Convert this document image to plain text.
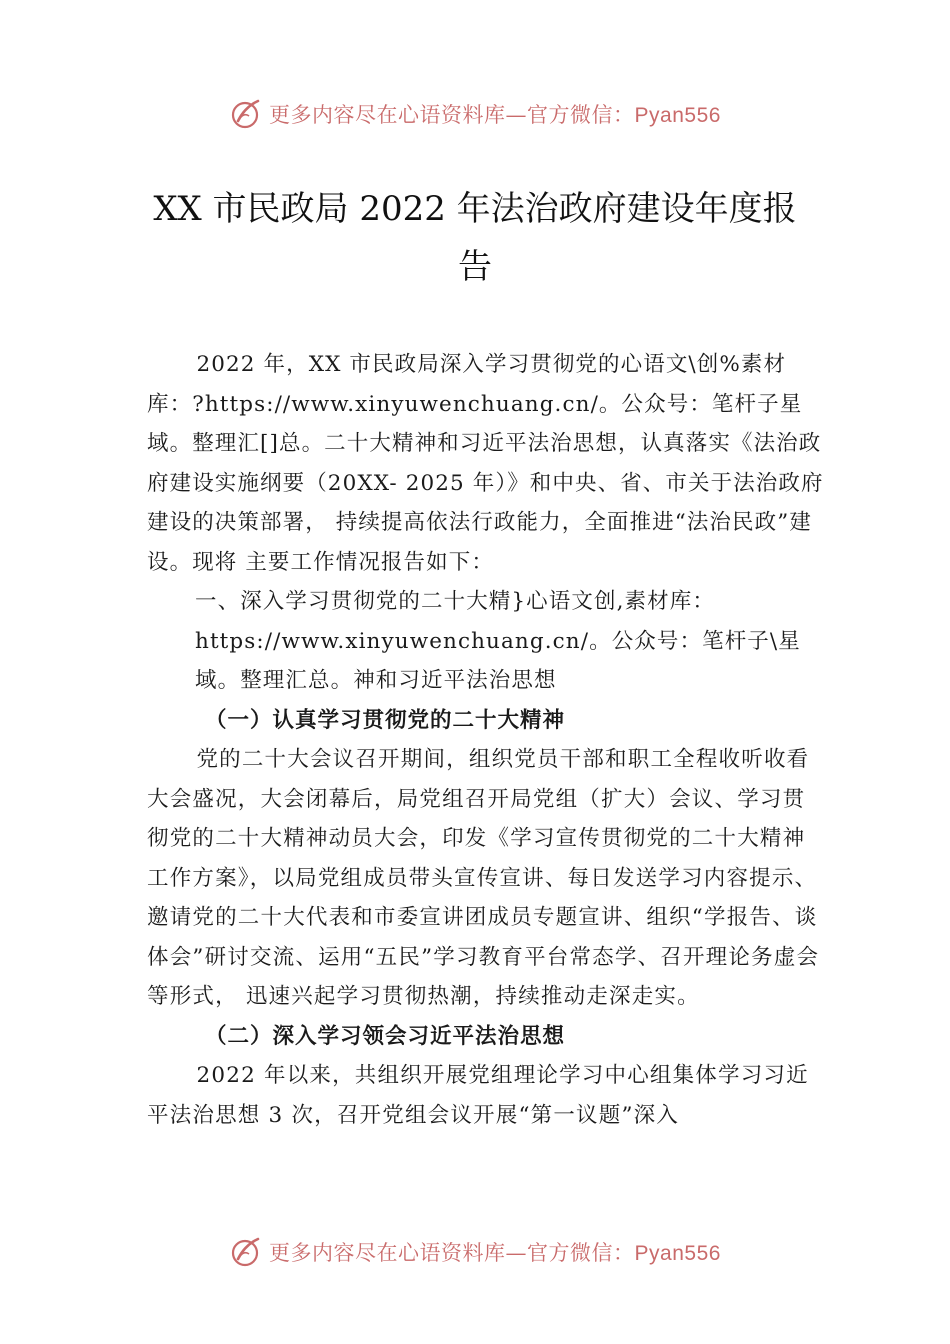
更多内容尽在心语资料库—官方微信：Pyan556
XX 市民政局 2022 年法治政府建设年度报
告

2022 年，XX 市民政局深入学习贯彻党的心语文\创%素材库：?https://www.xinyuwenchuang.cn/。公众号：笔杆子星域。整理汇[]总。二十大精神和习近平法治思想，认真落实《法治政府建设实施纲要（20XX- 2025 年）》和中央、省、市关于法治政府建设的决策部署， 持续提高依法行政能力，全面推进“法治民政”建设。现将 主要工作情况报告如下：

一、深入学习贯彻党的二十大精}心语文创,素材库：https://www.xinyuwenchuang.cn/。公众号：笔杆子\星域。整理汇总。神和习近平法治思想

（一）认真学习贯彻党的二十大精神

党的二十大会议召开期间，组织党员干部和职工全程收听收看大会盛况，大会闭幕后，局党组召开局党组（扩大）会议、学习贯彻党的二十大精神动员大会，印发《学习宣传贯彻党的二十大精神工作方案》，以局党组成员带头宣传宣讲、每日发送学习内容提示、邀请党的二十大代表和市委宣讲团成员专题宣讲、组织“学报告、谈体会”研讨交流、运用“五民”学习教育平台常态学、召开理论务虚会等形式， 迅速兴起学习贯彻热潮，持续推动走深走实。

（二）深入学习领会习近平法治思想

2022 年以来，共组织开展党组理论学习中心组集体学习习近平法治思想 3 次，召开党组会议开展“第一议题”深入

更多内容尽在心语资料库—官方微信：Pyan556
